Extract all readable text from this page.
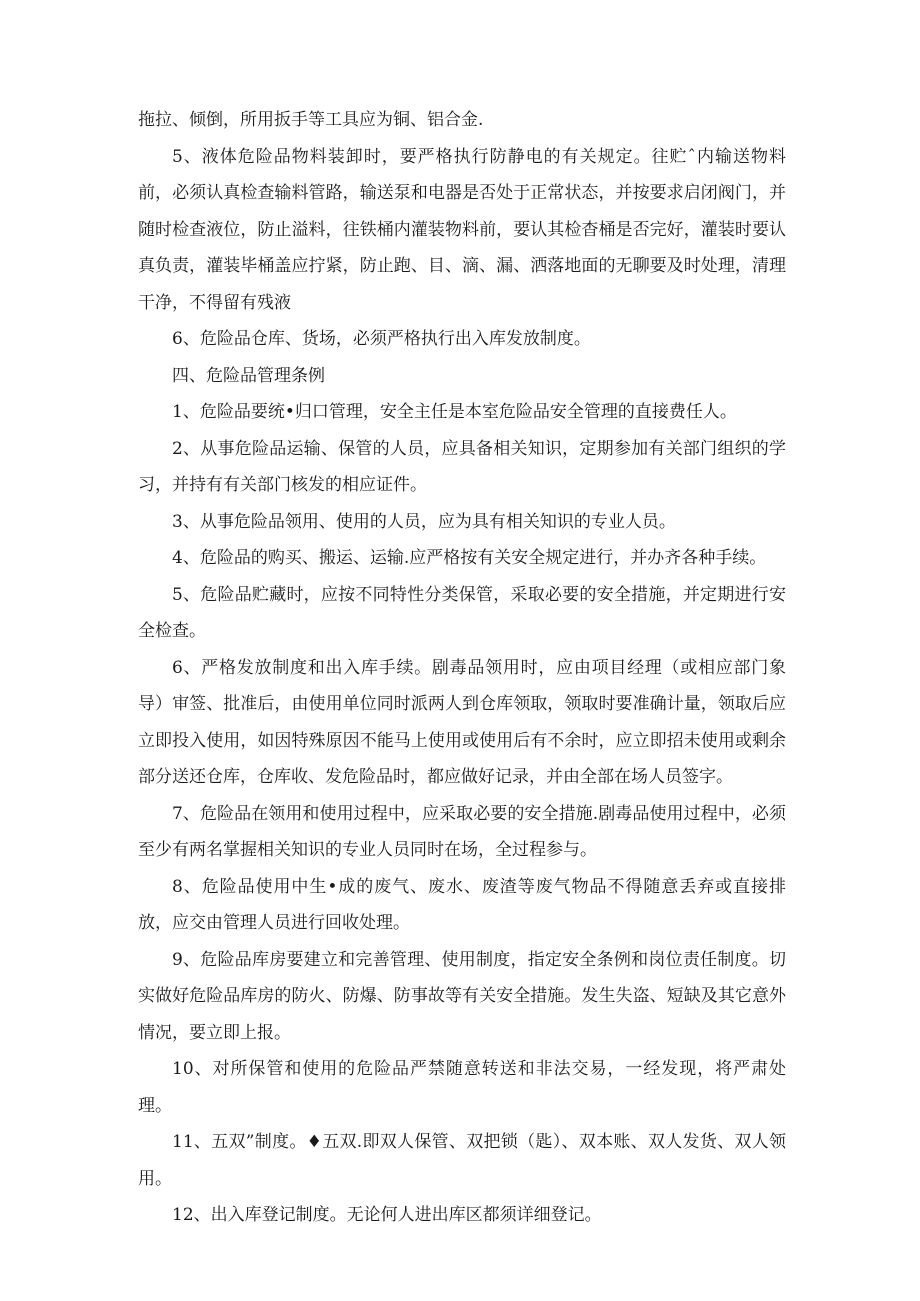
拖拉、倾倒，所用扳手等工具应为铜、铝合金.

5、液体危险品物料装卸时，要严格执行防静电的有关规定。往贮ˆ内输送物料前，必须认真检查输料管路，输送泵和电器是否处于正常状态，并按要求启闭阀门，并随时检查液位，防止溢料，往铁桶内灌装物料前，要认其检杳桶是否完好，灌装时要认真负责，灌装毕桶盖应拧紧，防止跑、目、滴、漏、洒落地面的无聊要及时处理，清理干净，不得留有残液

6、危险品仓库、货场，必须严格执行出入库发放制度。

四、危险品管理条例

1、危险品要统•归口管理，安全主任是本室危险品安全管理的直接费任人。

2、从事危险品运输、保管的人员，应具备相关知识，定期参加有关部门组织的学习，并持有有关部门核发的相应证件。

3、从事危险品领用、使用的人员，应为具有相关知识的专业人员。

4、危险品的购买、搬运、运输.应严格按有关安全规定进行，并办齐各种手续。

5、危险品贮藏时，应按不同特性分类保管，采取必要的安全措施，并定期进行安全检查。

6、严格发放制度和出入库手续。剧毒品领用时，应由项目经理（或相应部门象导）审签、批准后，由使用单位同时派两人到仓库领取，领取时要准确计量，领取后应立即投入使用，如因特殊原因不能马上使用或使用后有不余时，应立即招未使用或剩余部分送还仓库，仓库收、发危险品时，都应做好记录，并由全部在场人员签字。

7、危险品在领用和使用过程中，应采取必要的安全措施.剧毒品使用过程中，必须至少有两名掌握相关知识的专业人员同时在场，全过程参与。

8、危险品使用中生•成的废气、废水、废渣等废气物品不得随意丢弃或直接排放，应交由管理人员进行回收处理。

9、危险品库房要建立和完善管理、使用制度，指定安全条例和岗位责任制度。切实做好危险品库房的防火、防爆、防事故等有关安全措施。发生失盗、短缺及其它意外情况，要立即上报。

10、对所保管和使用的危险品严禁随意转送和非法交易，一经发现，将严肃处理。

11、五双”制度。♦五双.即双人保管、双把锁（匙）、双本账、双人发货、双人领用。

12、出入库登记制度。无论何人进出库区都须详细登记。
